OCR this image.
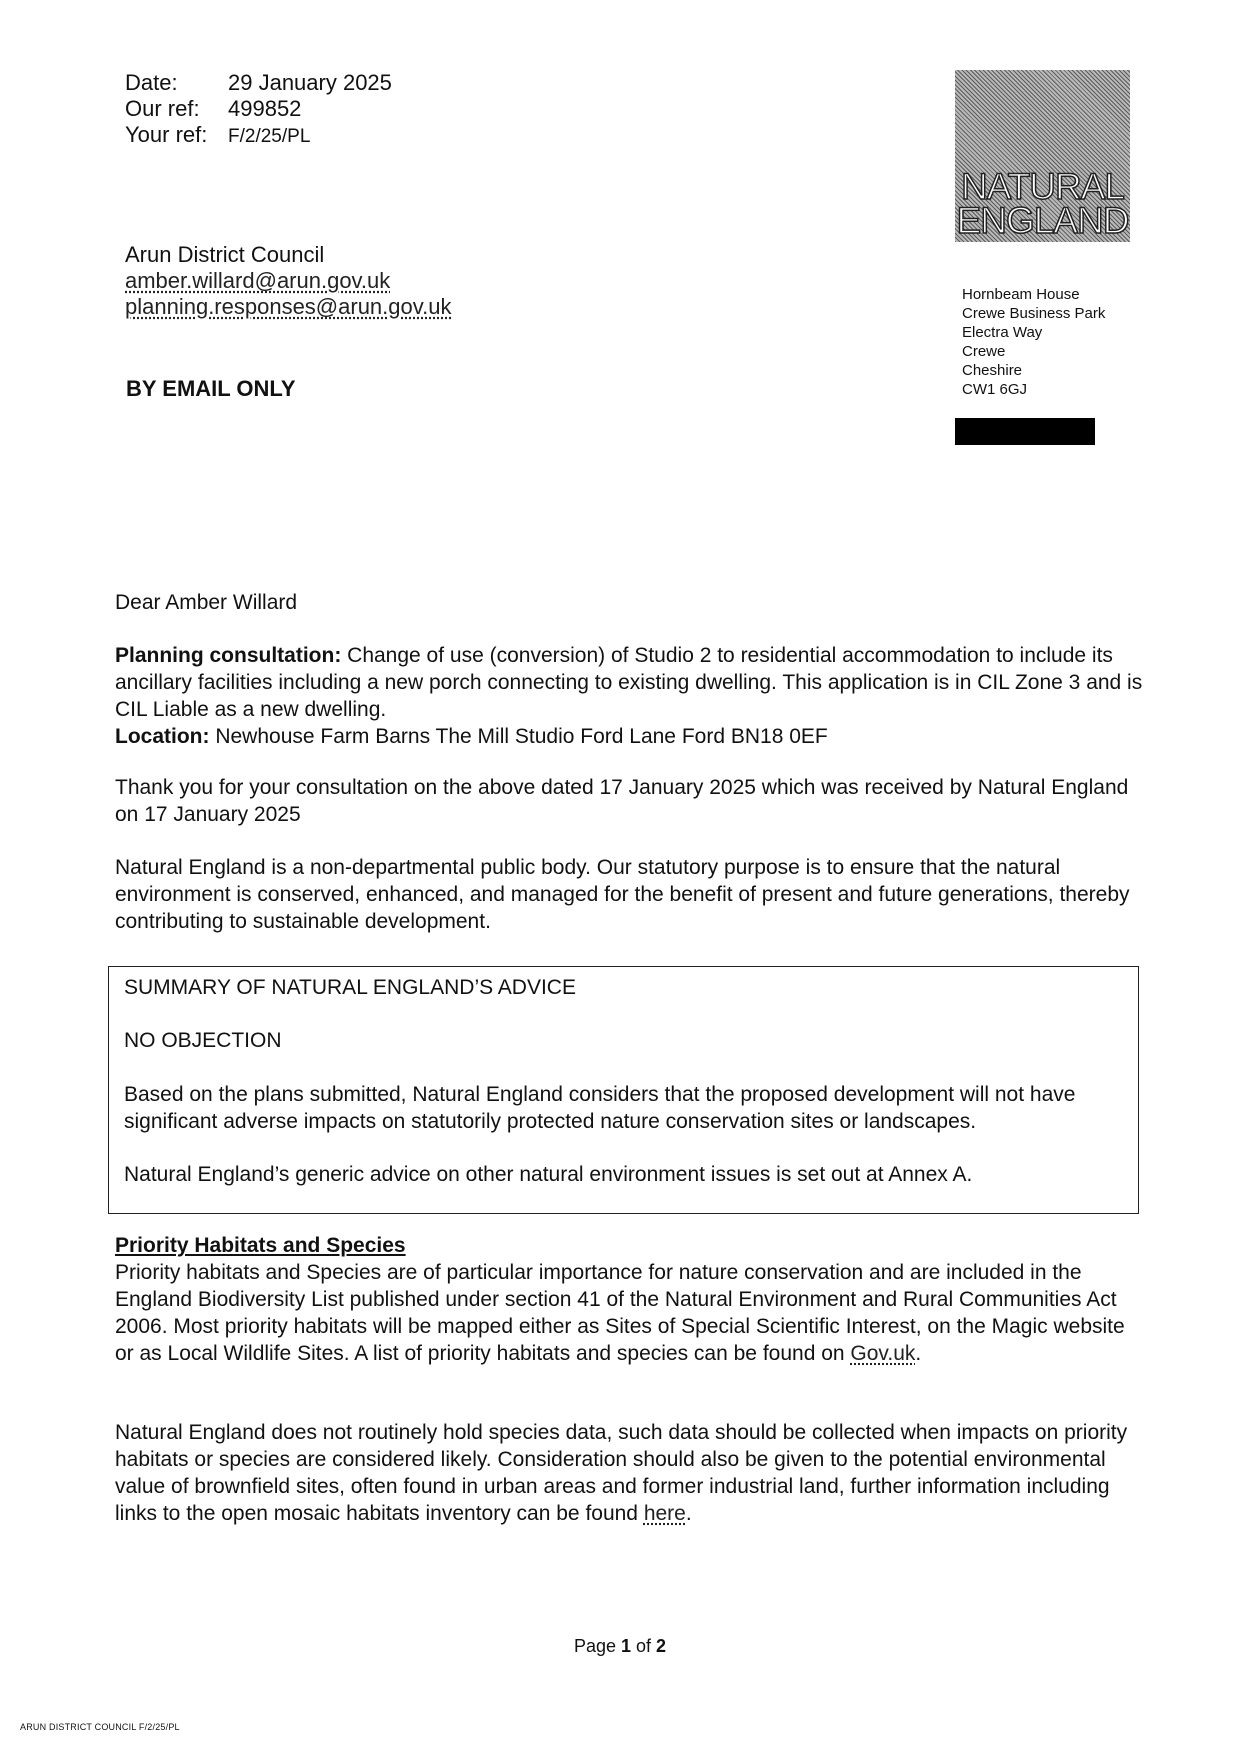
Date: 29 January 2025
Our ref: 499852
Your ref: F/2/25/PL
Arun District Council
amber.willard@arun.gov.uk
planning.responses@arun.gov.uk
BY EMAIL ONLY
NATURAL
ENGLAND
Hornbeam House
Crewe Business Park
Electra Way
Crewe
Cheshire
CW1 6GJ
Dear Amber Willard

Planning consultation: Change of use (conversion) of Studio 2 to residential accommodation to include its ancillary facilities including a new porch connecting to existing dwelling. This application is in CIL Zone 3 and is CIL Liable as a new dwelling.

Location: Newhouse Farm Barns The Mill Studio Ford Lane Ford BN18 0EF

Thank you for your consultation on the above dated 17 January 2025 which was received by Natural England on 17 January 2025
Natural England is a non-departmental public body. Our statutory purpose is to ensure that the natural environment is conserved, enhanced, and managed for the benefit of present and future generations, thereby contributing to sustainable development.
SUMMARY OF NATURAL ENGLAND’S ADVICE
NO OBJECTION
Based on the plans submitted, Natural England considers that the proposed development will not have significant adverse impacts on statutorily protected nature conservation sites or landscapes.
Natural England’s generic advice on other natural environment issues is set out at Annex A.

Priority Habitats and Species

Priority habitats and Species are of particular importance for nature conservation and are included in the England Biodiversity List published under section 41 of the Natural Environment and Rural Communities Act 2006. Most priority habitats will be mapped either as Sites of Special Scientific Interest, on the Magic website or as Local Wildlife Sites. A list of priority habitats and species can be found on Gov.uk.

Natural England does not routinely hold species data, such data should be collected when impacts on priority habitats or species are considered likely. Consideration should also be given to the potential environmental value of brownfield sites, often found in urban areas and former industrial land, further information including links to the open mosaic habitats inventory can be found here.

Page 1 of 2
ARUN DISTRICT COUNCIL F/2/25/PL
